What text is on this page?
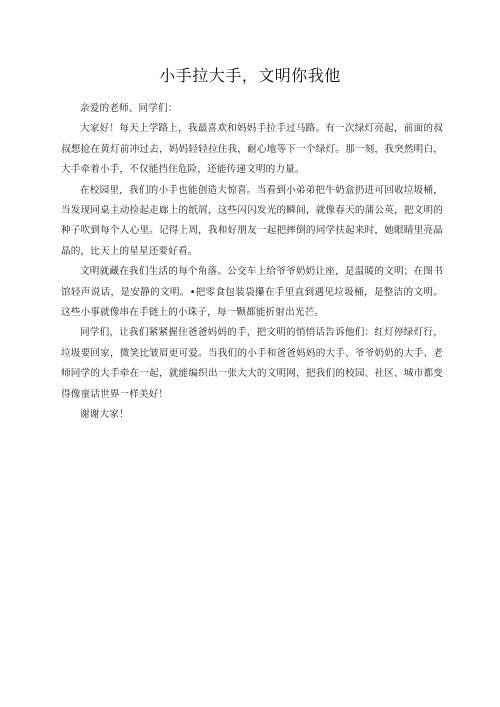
小手拉大手，文明你我他

亲爱的老师、同学们：

大家好！每天上学路上，我最喜欢和妈妈手拉手过马路。有一次绿灯亮起，前面的叔叔想抢在黄灯前冲过去，妈妈轻轻拉住我，耐心地等下一个绿灯。那一刻，我突然明白，大手牵着小手，不仅能挡住危险，还能传递文明的力量。

在校园里，我们的小手也能创造大惊喜。当看到小弟弟把牛奶盒扔进可回收垃圾桶，当发现同桌主动捡起走廊上的纸屑，这些闪闪发光的瞬间，就像春天的蒲公英，把文明的种子吹到每个人心里。记得上周，我和好朋友一起把摔倒的同学扶起来时，她眼睛里亮晶晶的，比天上的星星还要好看。

文明就藏在我们生活的每个角落。公交车上给爷爷奶奶让座，是温暖的文明；在图书馆轻声说话，是安静的文明。•把零食包装袋攥在手里直到遇见垃圾桶，是整洁的文明。这些小事就像串在手链上的小珠子，每一颗都能折射出光芒。

同学们，让我们紧紧握住爸爸妈妈的手，把文明的悄悄话告诉他们：红灯停绿灯行，垃圾要回家，微笑比皱眉更可爱。当我们的小手和爸爸妈妈的大手、爷爷奶奶的大手、老师同学的大手牵在一起，就能编织出一张大大的文明网，把我们的校园、社区、城市都变得像童话世界一样美好！

谢谢大家！
